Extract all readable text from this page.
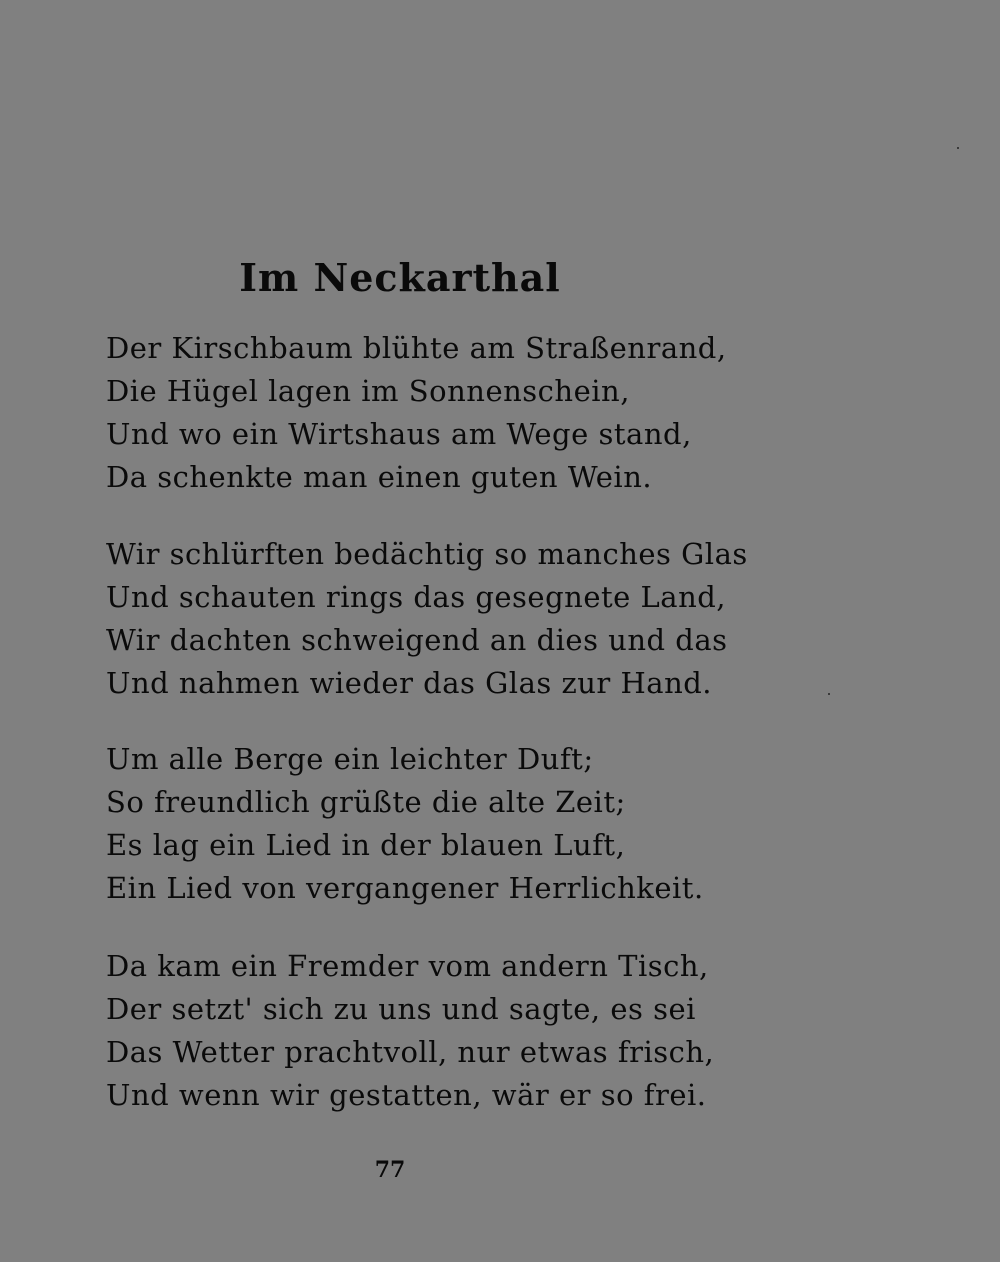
Im Neckarthal
Der Kirschbaum blühte am Straßenrand,
Die Hügel lagen im Sonnenschein,
Und wo ein Wirtshaus am Wege stand,
Da schenkte man einen guten Wein.
Wir schlürften bedächtig so manches Glas
Und schauten rings das gesegnete Land,
Wir dachten schweigend an dies und das
Und nahmen wieder das Glas zur Hand.
Um alle Berge ein leichter Duft;
So freundlich grüßte die alte Zeit;
Es lag ein Lied in der blauen Luft,
Ein Lied von vergangener Herrlichkeit.
Da kam ein Fremder vom andern Tisch,
Der setzt' sich zu uns und sagte, es sei
Das Wetter prachtvoll, nur etwas frisch,
Und wenn wir gestatten, wär er so frei.
77
